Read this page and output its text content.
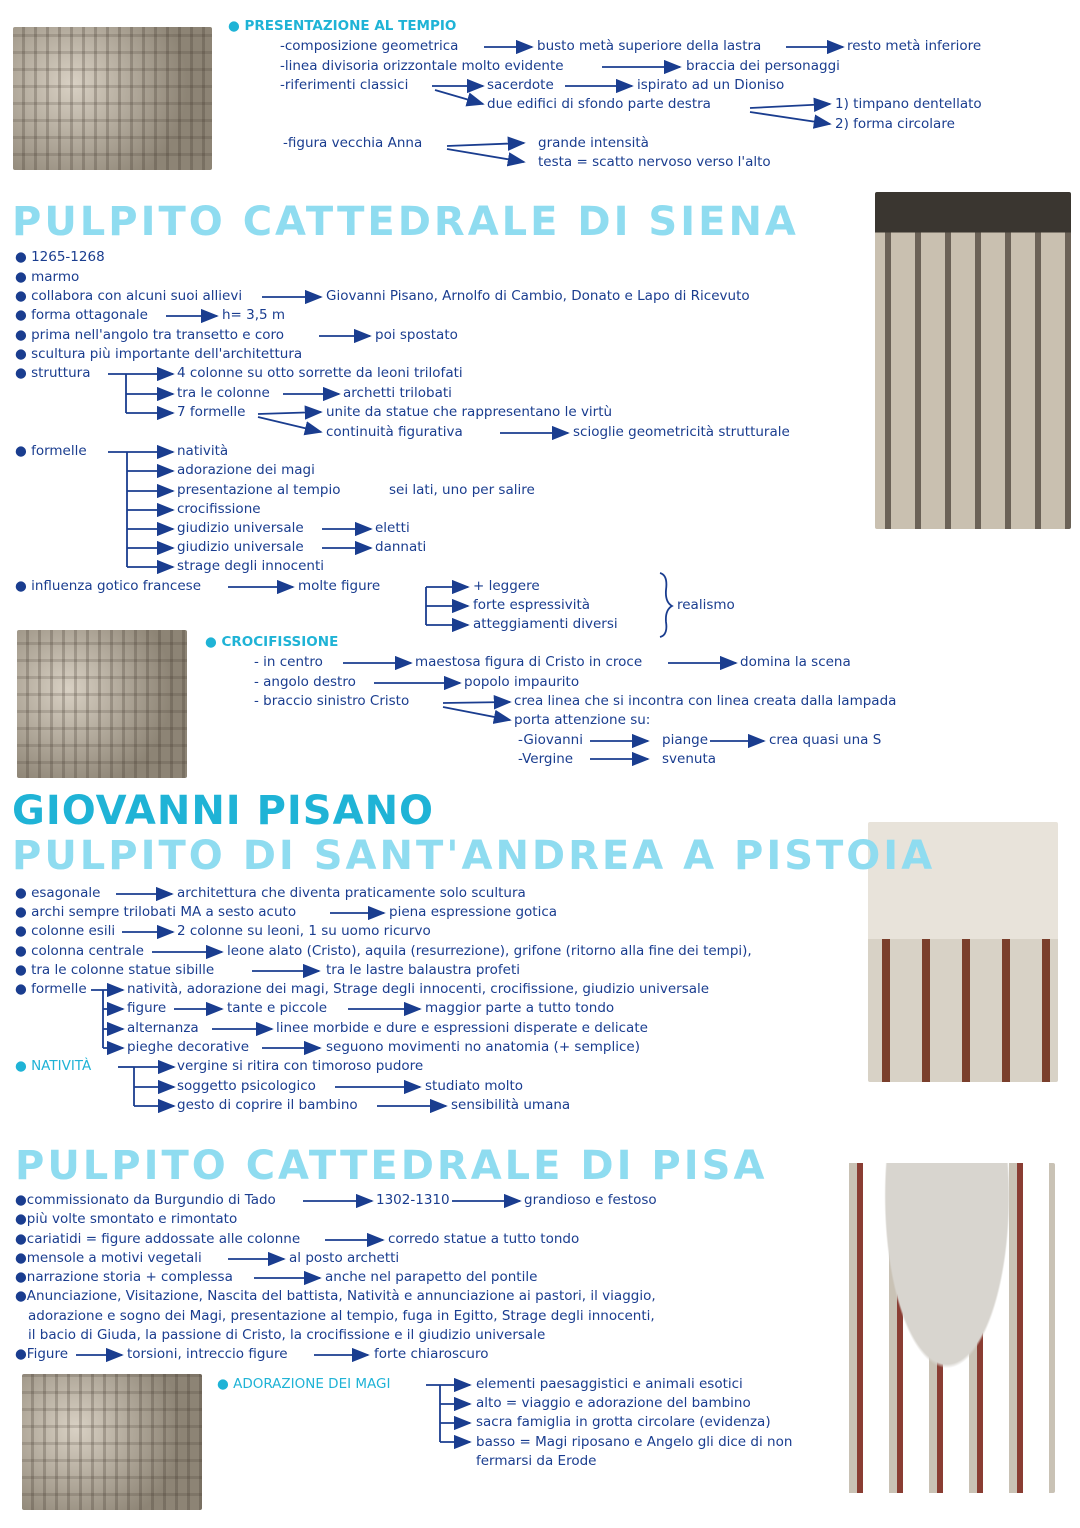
● PRESENTAZIONE AL TEMPIO
-composizione geometrica	busto metà superiore della lastra	resto metà inferiore
-linea divisoria orizzontale molto evidente	braccia dei personaggi
-riferimenti classici	sacerdote	ispirato ad un Dioniso
due edifici di sfondo parte destra	1) timpano dentellato
2) forma circolare
-figura vecchia Anna	grande intensità
testa = scatto nervoso verso l'alto
PULPITO CATTEDRALE DI SIENA
● 1265-1268
● marmo
● collabora con alcuni suoi allievi	Giovanni Pisano, Arnolfo di Cambio, Donato e Lapo di Ricevuto
● forma ottagonale	h= 3,5 m
● prima nell'angolo tra transetto e coro	poi spostato
● scultura più importante dell'architettura
● struttura	4 colonne su otto sorrette da leoni trilofati
tra le colonne	archetti trilobati
7 formelle	unite da statue che rappresentano le virtù
continuità figurativa	scioglie geometricità strutturale
● formelle	natività
adorazione dei magi
presentazione al tempio	sei lati, uno per salire
crocifissione
giudizio universale	eletti
giudizio universale	dannati
strage degli innocenti
● influenza gotico francese	molte figure	+ leggere
forte espressività
atteggiamenti diversi
realismo
● CROCIFISSIONE
- in centro	maestosa figura di Cristo in croce	domina la scena
- angolo destro	popolo impaurito
- braccio sinistro Cristo	crea linea che si incontra con linea creata dalla lampada
porta attenzione su:
-Giovanni	piange	crea quasi una S
-Vergine	svenuta
GIOVANNI PISANO
PULPITO DI SANT'ANDREA A PISTOIA
● esagonale	architettura che diventa praticamente solo scultura
● archi sempre trilobati MA a sesto acuto	piena espressione gotica
● colonne esili	2 colonne su leoni, 1 su uomo ricurvo
● colonna centrale	leone alato (Cristo), aquila (resurrezione), grifone (ritorno alla fine dei tempi),
● tra le colonne statue sibille	tra le lastre balaustra profeti
● formelle	natività, adorazione dei magi, Strage degli innocenti, crocifissione, giudizio universale
figure	tante e piccole	maggior parte a tutto tondo
alternanza	linee morbide e dure e espressioni disperate e delicate
pieghe decorative	seguono movimenti no anatomia (+ semplice)
● NATIVITÀ	vergine si ritira con timoroso pudore
soggetto psicologico	studiato molto
gesto di coprire il bambino	sensibilità umana
PULPITO CATTEDRALE DI PISA
●commissionato da Burgundio di Tado	1302-1310	grandioso e festoso
●più volte smontato e rimontato
●cariatidi = figure addossate alle colonne	corredo statue a tutto tondo
●mensole a motivi vegetali	al posto archetti
●narrazione storia + complessa	anche nel parapetto del pontile
●Anunciazione, Visitazione, Nascita del battista, Natività e annunciazione ai pastori, il viaggio,
adorazione e sogno dei Magi, presentazione al tempio, fuga in Egitto, Strage degli innocenti,
il bacio di Giuda, la passione di Cristo, la crocifissione e il giudizio universale
●Figure	torsioni, intreccio figure	forte chiaroscuro
● ADORAZIONE DEI MAGI	elementi paesaggistici e animali esotici
alto = viaggio e adorazione del bambino
sacra famiglia in grotta circolare (evidenza)
basso = Magi riposano e Angelo gli dice di non
fermarsi da Erode
